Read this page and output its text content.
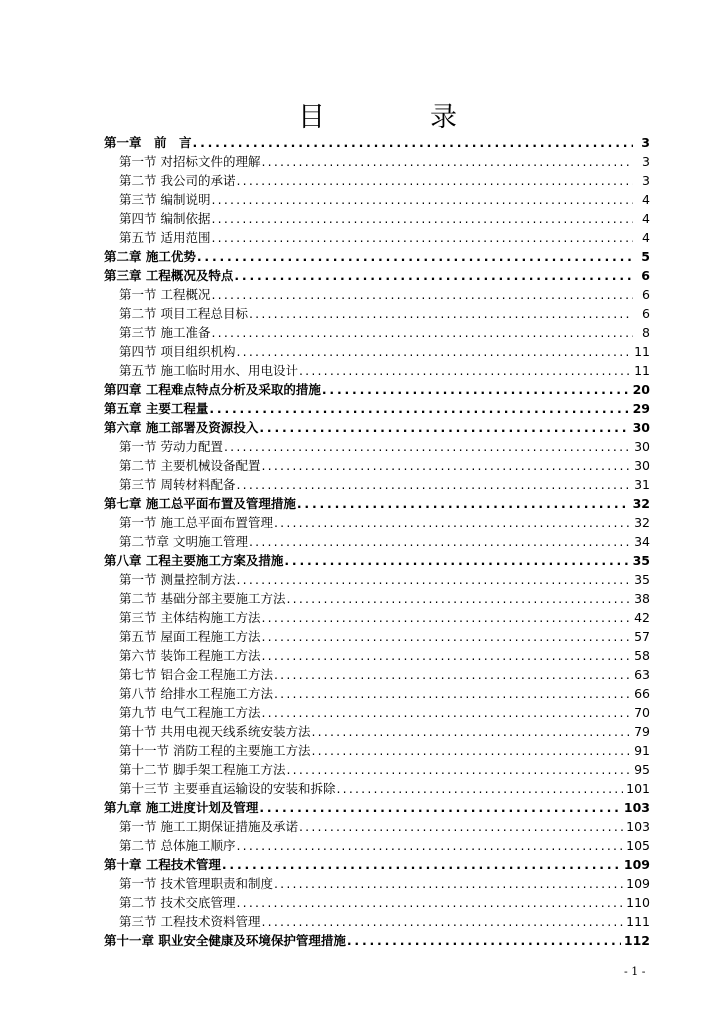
目	录
第一章　前　言 .....	3
第一节 对招标文件的理解 .....	3
第二节 我公司的承诺 .....	3
第三节 编制说明 .....	4
第四节 编制依据 .....	4
第五节 适用范围 .....	4
第二章 施工优势 .....	5
第三章 工程概况及特点 .....	6
第一节 工程概况 .....	6
第二节 项目工程总目标 .....	6
第三节 施工准备 .....	8
第四节 项目组织机构 .....	11
第五节 施工临时用水、用电设计 .....	11
第四章 工程难点特点分析及采取的措施 .....	20
第五章 主要工程量 .....	29
第六章 施工部署及资源投入 .....	30
第一节 劳动力配置 .....	30
第二节 主要机械设备配置 .....	30
第三节 周转材料配备 .....	31
第七章 施工总平面布置及管理措施 .....	32
第一节 施工总平面布置管理 .....	32
第二节章 文明施工管理 .....	34
第八章 工程主要施工方案及措施 .....	35
第一节 测量控制方法 .....	35
第二节 基础分部主要施工方法 .....	38
第三节 主体结构施工方法 .....	42
第五节 屋面工程施工方法 .....	57
第六节 装饰工程施工方法 .....	58
第七节 铝合金工程施工方法 .....	63
第八节 给排水工程施工方法 .....	66
第九节 电气工程施工方法 .....	70
第十节 共用电视天线系统安装方法 .....	79
第十一节 消防工程的主要施工方法 .....	91
第十二节 脚手架工程施工方法 .....	95
第十三节 主要垂直运输设的安装和拆除 .....	101
第九章 施工进度计划及管理 .....	103
第一节 施工工期保证措施及承诺 .....	103
第二节 总体施工顺序 .....	105
第十章 工程技术管理 .....	109
第一节 技术管理职责和制度 .....	109
第二节 技术交底管理 .....	110
第三节 工程技术资料管理 .....	111
第十一章 职业安全健康及环境保护管理措施 .....	112
- 1 -
